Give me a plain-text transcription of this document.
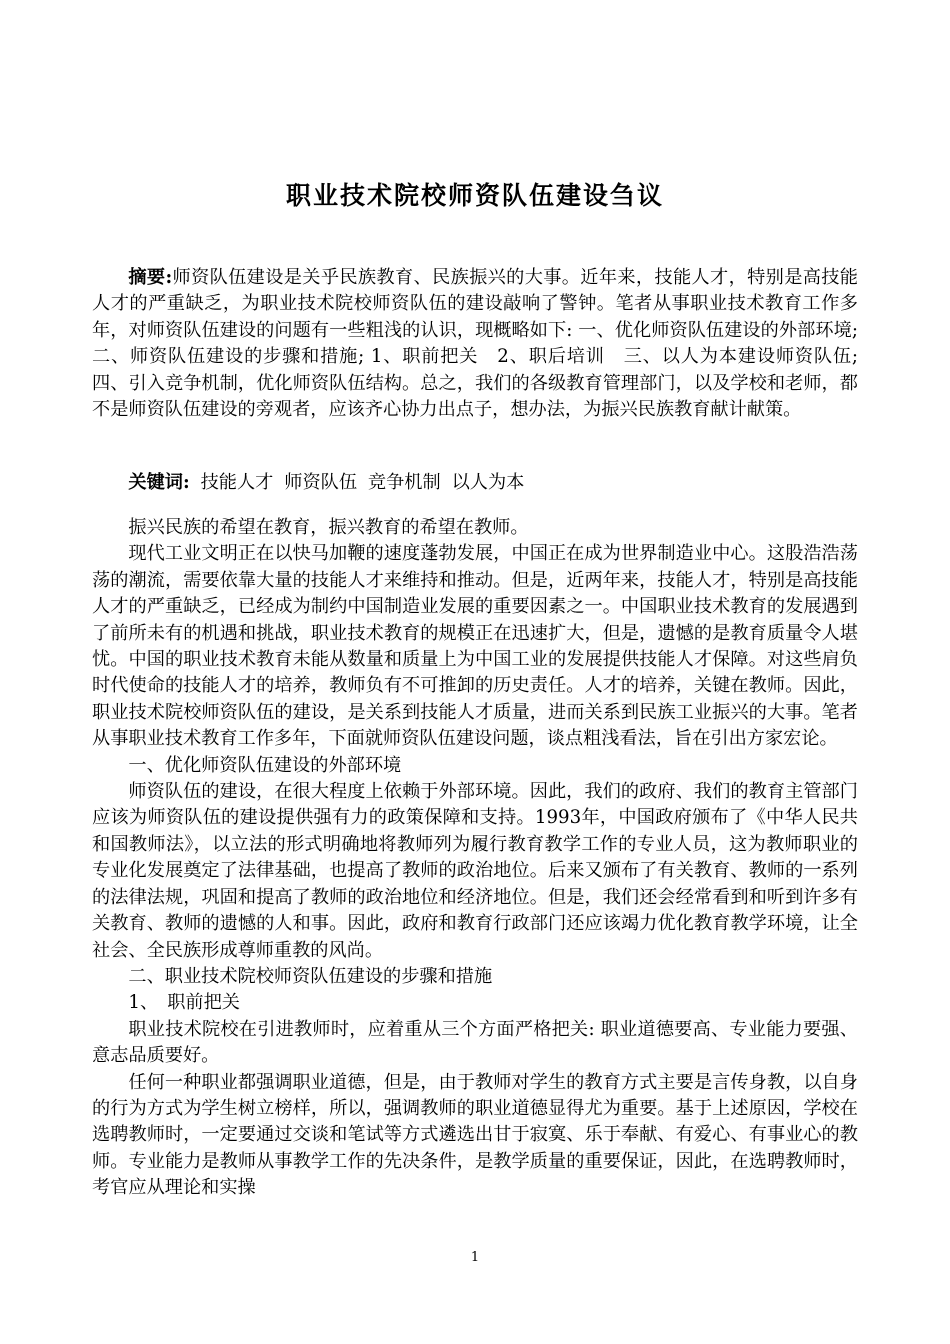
职业技术院校师资队伍建设刍议

摘要:师资队伍建设是关乎民族教育、民族振兴的大事。近年来，技能人才，特别是高技能人才的严重缺乏，为职业技术院校师资队伍的建设敲响了警钟。笔者从事职业技术教育工作多年，对师资队伍建设的问题有一些粗浅的认识，现概略如下: 一、优化师资队伍建设的外部环境; 二、师资队伍建设的步骤和措施; 1、职前把关　2、职后培训　三、以人为本建设师资队伍; 四、引入竞争机制，优化师资队伍结构。总之，我们的各级教育管理部门，以及学校和老师，都不是师资队伍建设的旁观者，应该齐心协力出点子，想办法，为振兴民族教育献计献策。

关键词: 技能人才 师资队伍 竞争机制 以人为本

振兴民族的希望在教育，振兴教育的希望在教师。

现代工业文明正在以快马加鞭的速度蓬勃发展，中国正在成为世界制造业中心。这股浩浩荡荡的潮流，需要依靠大量的技能人才来维持和推动。但是，近两年来，技能人才，特别是高技能人才的严重缺乏，已经成为制约中国制造业发展的重要因素之一。中国职业技术教育的发展遇到了前所未有的机遇和挑战，职业技术教育的规模正在迅速扩大，但是，遗憾的是教育质量令人堪忧。中国的职业技术教育未能从数量和质量上为中国工业的发展提供技能人才保障。对这些肩负时代使命的技能人才的培养，教师负有不可推卸的历史责任。人才的培养，关键在教师。因此，职业技术院校师资队伍的建设，是关系到技能人才质量，进而关系到民族工业振兴的大事。笔者从事职业技术教育工作多年，下面就师资队伍建设问题，谈点粗浅看法，旨在引出方家宏论。

一、优化师资队伍建设的外部环境

师资队伍的建设，在很大程度上依赖于外部环境。因此，我们的政府、我们的教育主管部门应该为师资队伍的建设提供强有力的政策保障和支持。1993年，中国政府颁布了《中华人民共和国教师法》，以立法的形式明确地将教师列为履行教育教学工作的专业人员，这为教师职业的专业化发展奠定了法律基础，也提高了教师的政治地位。后来又颁布了有关教育、教师的一系列的法律法规，巩固和提高了教师的政治地位和经济地位。但是，我们还会经常看到和听到许多有关教育、教师的遗憾的人和事。因此，政府和教育行政部门还应该竭力优化教育教学环境，让全社会、全民族形成尊师重教的风尚。

二、职业技术院校师资队伍建设的步骤和措施

1、　职前把关

职业技术院校在引进教师时，应着重从三个方面严格把关: 职业道德要高、专业能力要强、意志品质要好。

任何一种职业都强调职业道德，但是，由于教师对学生的教育方式主要是言传身教，以自身的行为方式为学生树立榜样，所以，强调教师的职业道德显得尤为重要。基于上述原因，学校在选聘教师时，一定要通过交谈和笔试等方式遴选出甘于寂寞、乐于奉献、有爱心、有事业心的教师。专业能力是教师从事教学工作的先决条件，是教学质量的重要保证，因此，在选聘教师时，考官应从理论和实操

1
